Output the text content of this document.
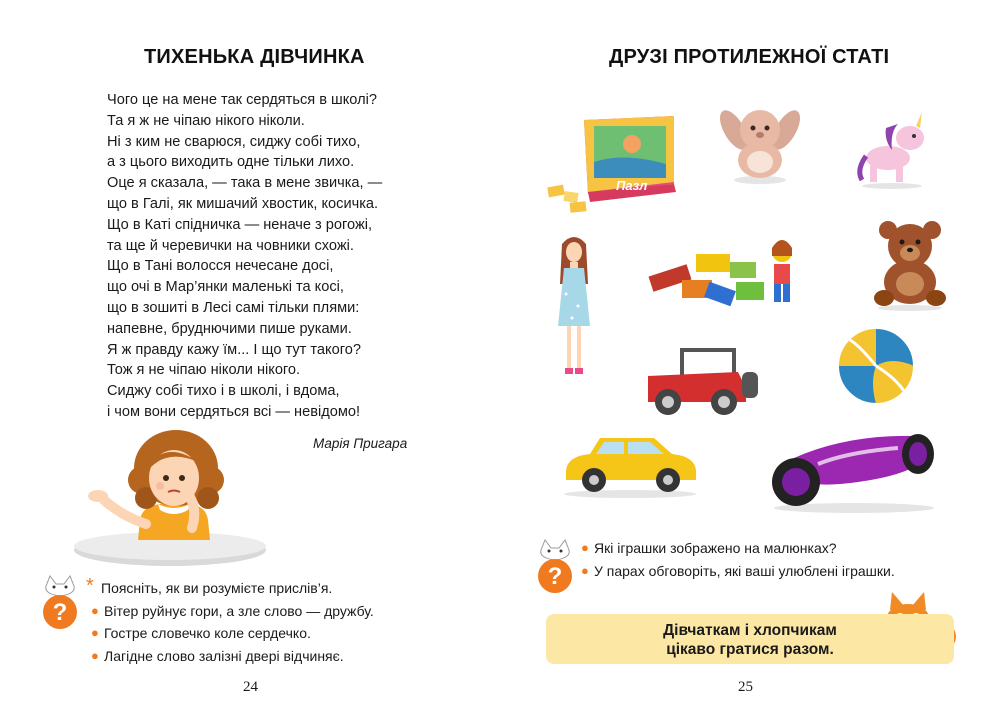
ТИХЕНЬКА ДІВЧИНКА
Чого це на мене так сердяться в школі?
Та я ж не чіпаю нікого ніколи.
Ні з ким не сварюся, сиджу собі тихо,
а з цього виходить одне тільки лихо.
Оце я сказала, — така в мене звичка, —
що в Галі, як мишачий хвостик, косичка.
Що в Каті спідничка — неначе з рогожі,
та ще й черевички на човники схожі.
Що в Тані волосся нечесане досі,
що очі в Мар’янки маленькі та косі,
що в зошиті в Лесі самі тільки плями:
напевне, бруднючими пише руками.
Я ж правду кажу їм... І що тут такого?
Тож я не чіпаю ніколи нікого.
Сиджу собі тихо і в школі, і вдома,
і чом вони сердяться всі — невідомо!
Марія Пригара
?
* Поясніть, як ви розумієте прислів’я.
● Вітер руйнує гори, а зле слово — дружбу.
● Гостре словечко коле сердечко.
● Лагідне слово залізні двері відчиняє.
24
ДРУЗІ ПРОТИЛЕЖНОЇ СТАТІ
25
Пазл
?
● Які іграшки зображено на малюнках?
● У парах обговоріть, які ваші улюблені іграшки.
Дівчаткам і хлопчикам
цікаво гратися разом.
